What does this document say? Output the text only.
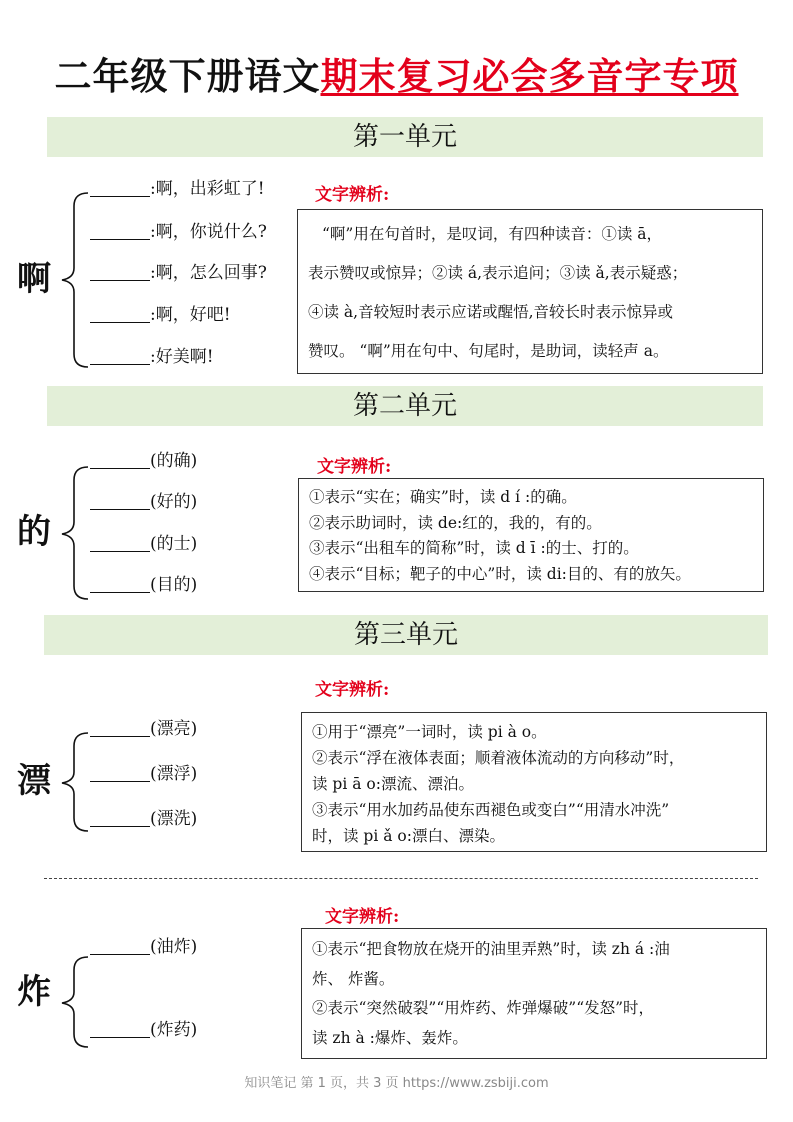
二年级下册语文期末复习必会多音字专项
第一单元
啊
:啊，出彩虹了!
:啊，你说什么?
:啊，怎么回事?
:啊，好吧!
:好美啊!
文字辨析:

“啊”用在句首时，是叹词，有四种读音：①读 ā，

表示赞叹或惊异；②读 á,表示追问；③读 ǎ,表示疑惑；

④读 à,音较短时表示应诺或醒悟,音较长时表示惊异或

赞叹。 “啊”用在句中、句尾时，是助词，读轻声 a。

第二单元
的
(的确)
(好的)
(的士)
(目的)
文字辨析:

①表示“实在；确实”时，读 d í :的确。

②表示助词时，读 de:红的，我的，有的。

③表示“出租车的简称”时，读 d ī :的士、打的。

④表示“目标；靶子的中心”时，读 di:目的、有的放矢。

第三单元
文字辨析:
漂
(漂亮)
(漂浮)
(漂洗)

①用于“漂亮”一词时，读 pi à o。

②表示“浮在液体表面；顺着液体流动的方向移动”时，

读 pi ā o:漂流、漂泊。

③表示“用水加药品使东西褪色或变白”“用清水冲洗”

时，读 pi ǎ o:漂白、漂染。

文字辨析:
炸
(油炸)
(炸药)

①表示“把食物放在烧开的油里弄熟”时，读 zh á :油

炸、 炸酱。

②表示“突然破裂”“用炸药、炸弹爆破”“发怒”时，

读 zh à :爆炸、轰炸。

知识笔记 第 1 页，共 3 页 https://www.zsbiji.com
